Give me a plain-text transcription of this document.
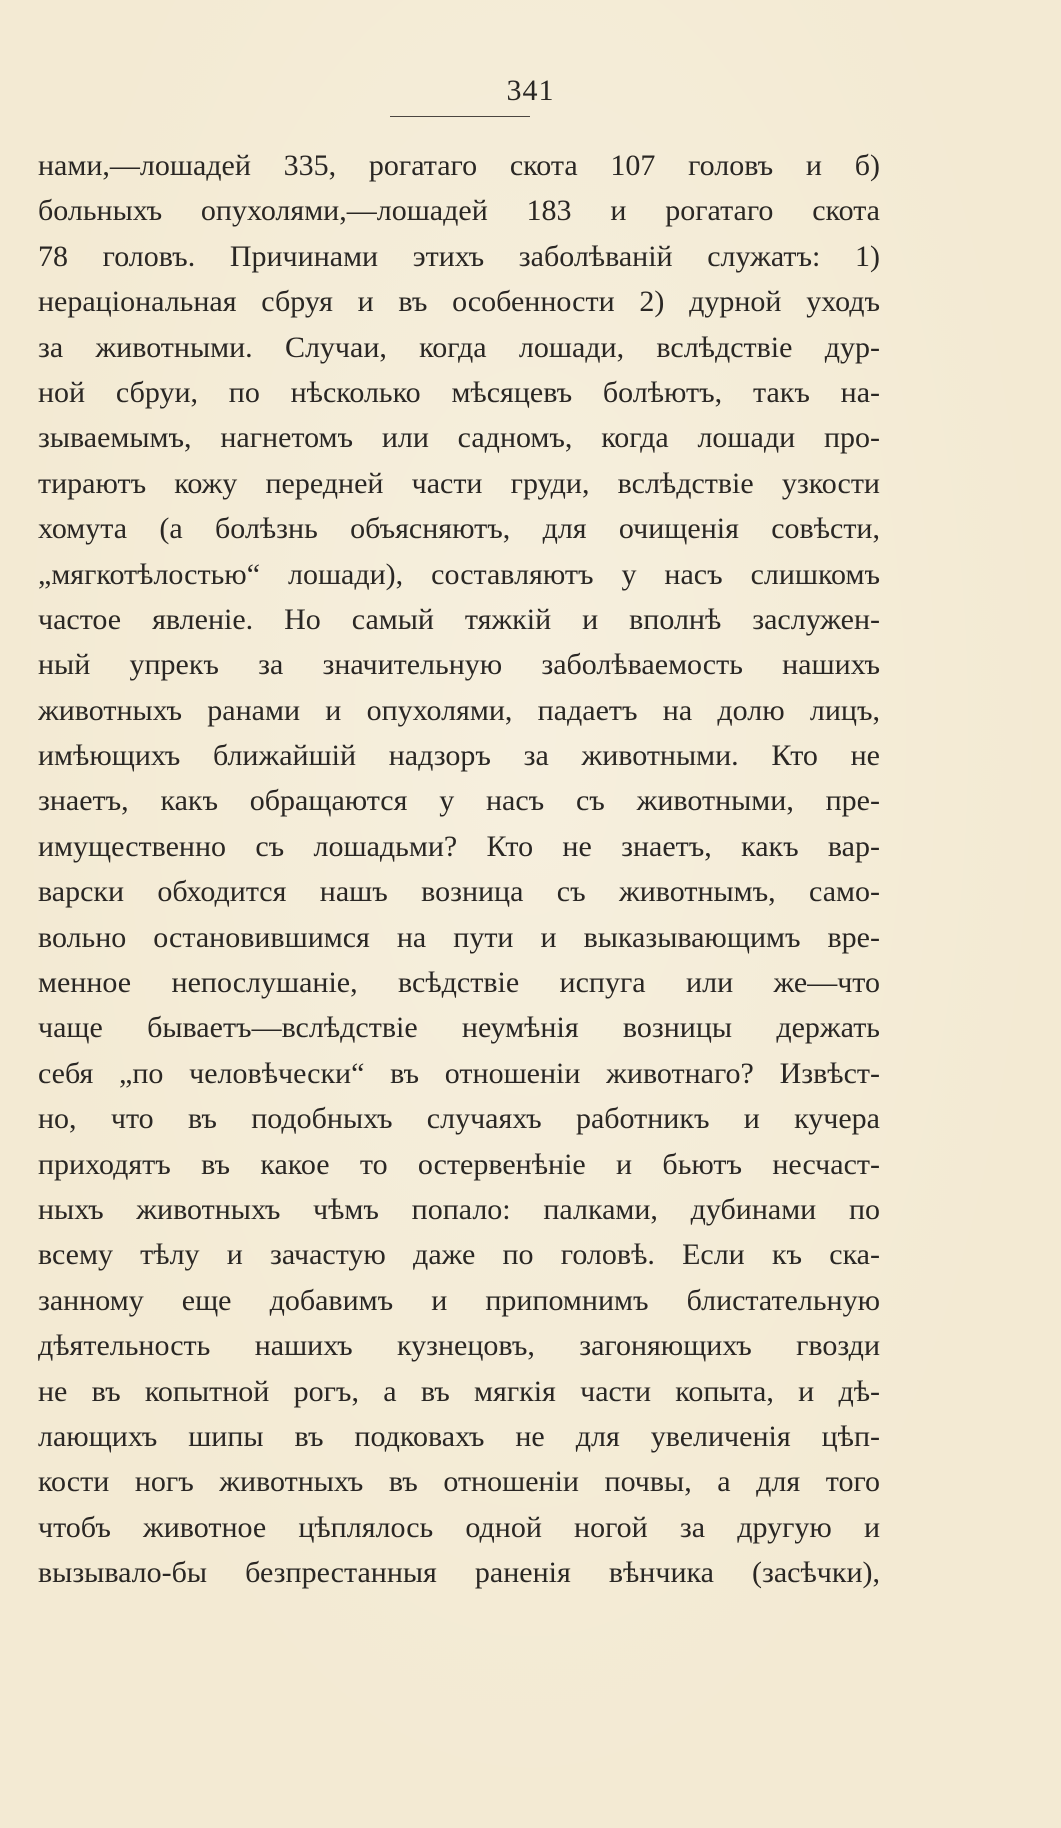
341
нами,—лошадей 335, рогатаго скота 107 головъ и б)
больныхъ опухолями,—лошадей 183 и рогатаго скота
78 головъ. Причинами этихъ заболѣваній служатъ: 1)
нераціональная сбруя и въ особенности 2) дурной уходъ
за животными. Случаи, когда лошади, вслѣдствіе дур-
ной сбруи, по нѣсколько мѣсяцевъ болѣютъ, такъ на-
зываемымъ, нагнетомъ или садномъ, когда лошади про-
тираютъ кожу передней части груди, вслѣдствіе узкости
хомута (а болѣзнь объясняютъ, для очищенія совѣсти,
„мягкотѣлостью“ лошади), составляютъ у насъ слишкомъ
частое явленіе. Но самый тяжкій и вполнѣ заслужен-
ный упрекъ за значительную заболѣваемость нашихъ
животныхъ ранами и опухолями, падаетъ на долю лицъ,
имѣющихъ ближайшій надзоръ за животными. Кто не
знаетъ, какъ обращаются у насъ съ животными, пре-
имущественно съ лошадьми? Кто не знаетъ, какъ вар-
варски обходится нашъ возница съ животнымъ, само-
вольно остановившимся на пути и выказывающимъ вре-
менное непослушаніе, всѣдствіе испуга или же—что
чаще бываетъ—вслѣдствіе неумѣнія возницы держать
себя „по человѣчески“ въ отношеніи животнаго? Извѣст-
но, что въ подобныхъ случаяхъ работникъ и кучера
приходятъ въ какое то остервенѣніе и бьютъ несчаст-
ныхъ животныхъ чѣмъ попало: палками, дубинами по
всему тѣлу и зачастую даже по головѣ. Если къ ска-
занному еще добавимъ и припомнимъ блистательную
дѣятельность нашихъ кузнецовъ, загоняющихъ гвозди
не въ копытной рогъ, а въ мягкія части копыта, и дѣ-
лающихъ шипы въ подковахъ не для увеличенія цѣп-
кости ногъ животныхъ въ отношеніи почвы, а для того
чтобъ животное цѣплялось одной ногой за другую и
вызывало-бы безпрестанныя раненія вѣнчика (засѣчки),
